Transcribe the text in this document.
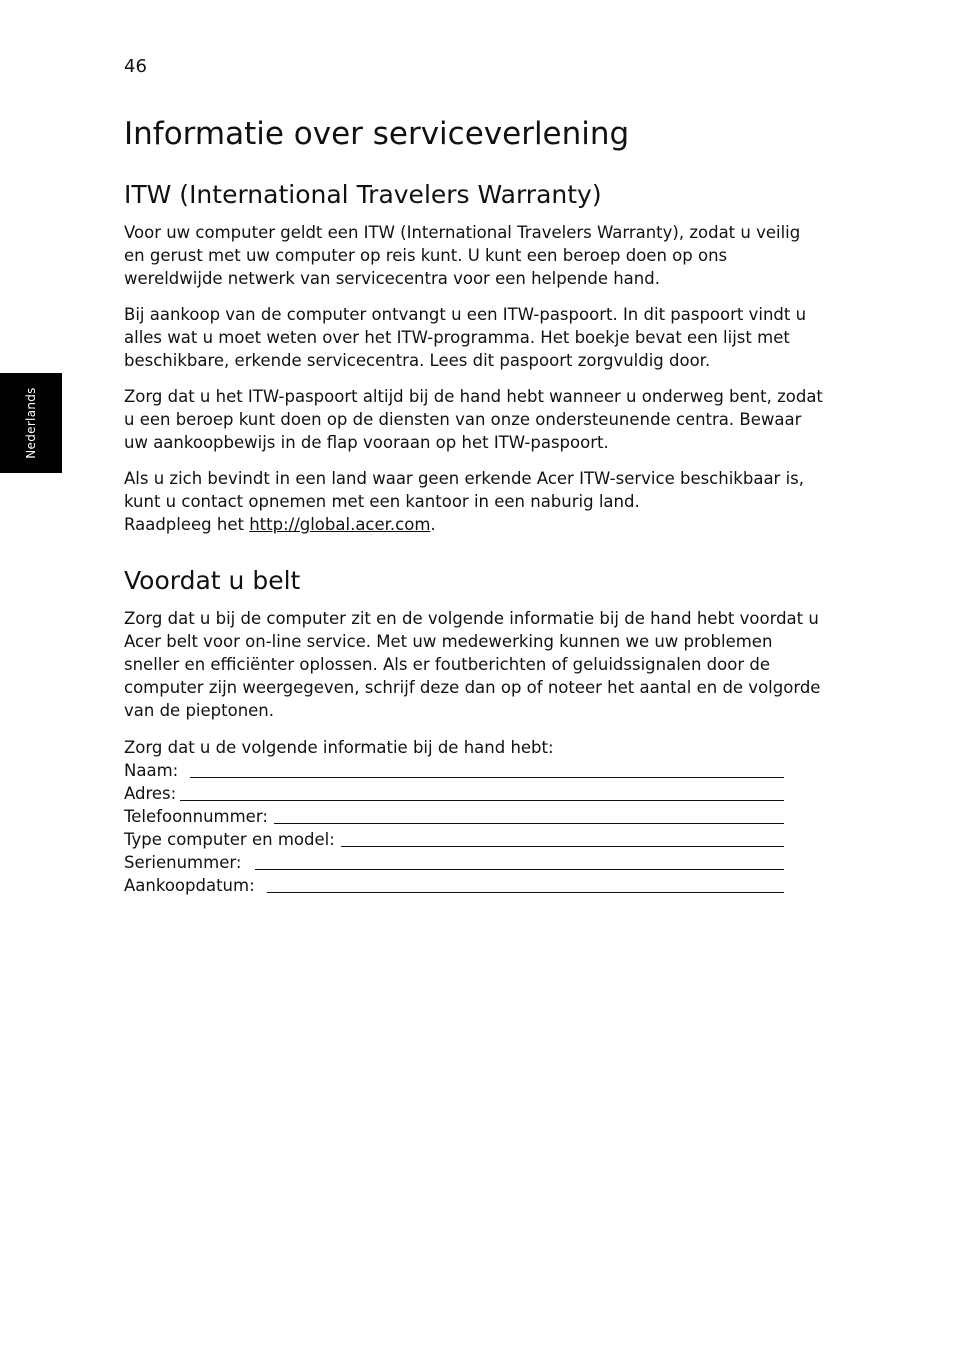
46
Nederlands
Informatie over serviceverlening
ITW (International Travelers Warranty)

Voor uw computer geldt een ITW (International Travelers Warranty), zodat u veilig en gerust met uw computer op reis kunt. U kunt een beroep doen op ons wereldwijde netwerk van servicecentra voor een helpende hand.

Bij aankoop van de computer ontvangt u een ITW-paspoort. In dit paspoort vindt u alles wat u moet weten over het ITW-programma. Het boekje bevat een lijst met beschikbare, erkende servicecentra. Lees dit paspoort zorgvuldig door.

Zorg dat u het ITW-paspoort altijd bij de hand hebt wanneer u onderweg bent, zodat u een beroep kunt doen op de diensten van onze ondersteunende centra. Bewaar uw aankoopbewijs in de flap vooraan op het ITW-paspoort.

Als u zich bevindt in een land waar geen erkende Acer ITW-service beschikbaar is, kunt u contact opnemen met een kantoor in een naburig land.
Raadpleeg het http://global.acer.com.

Voordat u belt

Zorg dat u bij de computer zit en de volgende informatie bij de hand hebt voordat u Acer belt voor on-line service. Met uw medewerking kunnen we uw problemen sneller en efficiënter oplossen. Als er foutberichten of geluidssignalen door de computer zijn weergegeven, schrijf deze dan op of noteer het aantal en de volgorde van de pieptonen.

Zorg dat u de volgende informatie bij de hand hebt:
Naam:
Adres:
Telefoonnummer:
Type computer en model:
Serienummer:
Aankoopdatum:
